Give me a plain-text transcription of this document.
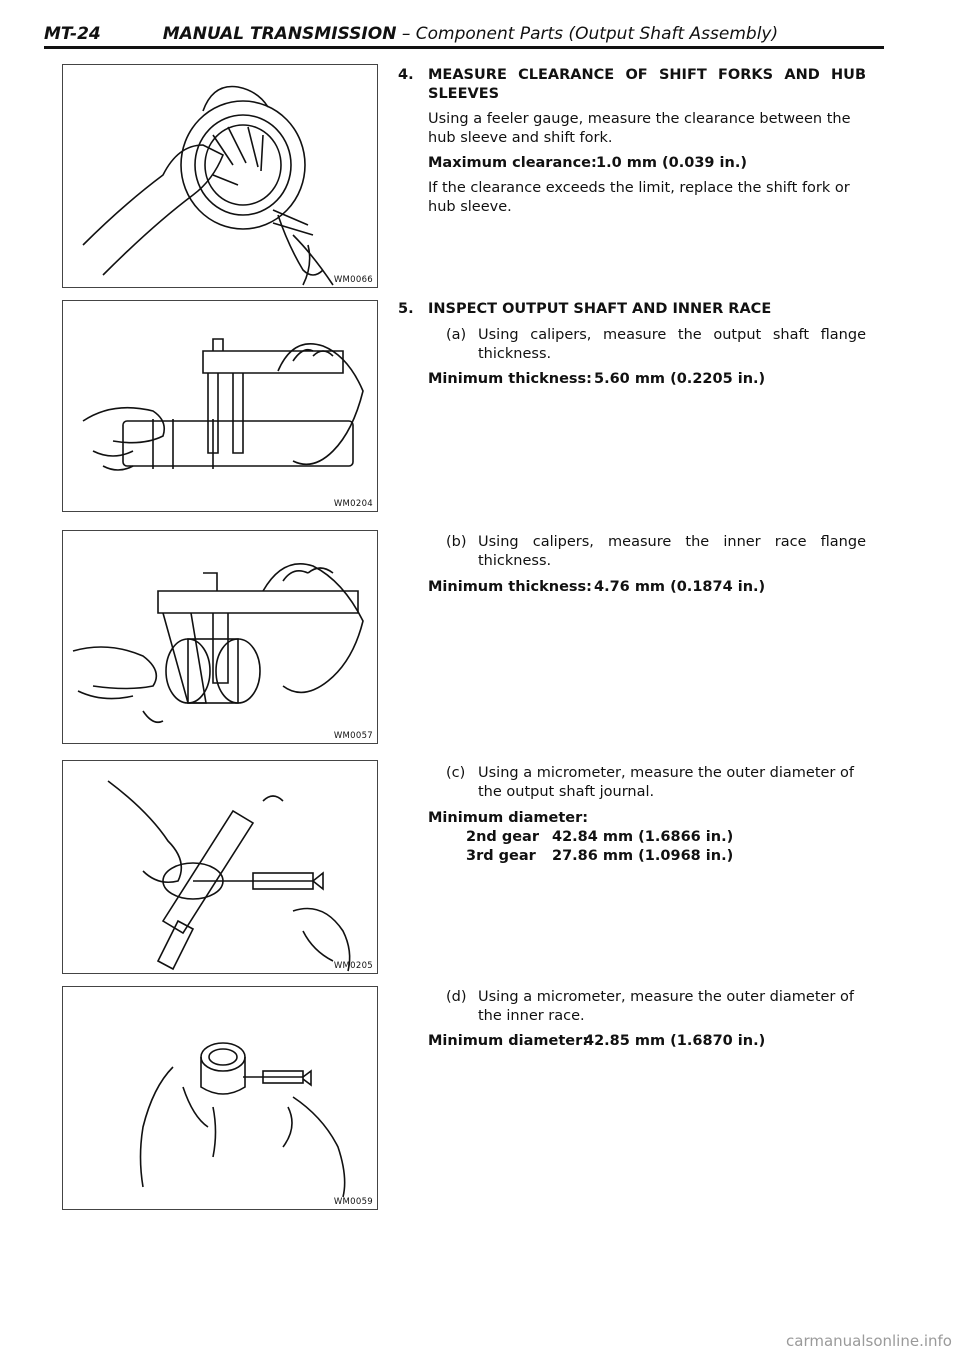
MT-24	MANUAL TRANSMISSION – Component Parts (Output Shaft Assembly)
WM0066
WM0204
WM0057
WM0205
WM0059
4. MEASURE CLEARANCE OF SHIFT FORKS AND HUB
SLEEVES
Using a feeler gauge, measure the clearance between the
hub sleeve and shift fork.
Maximum clearance: 1.0 mm (0.039 in.)
If the clearance exceeds the limit, replace the shift fork or
hub sleeve.
5. INSPECT OUTPUT SHAFT AND INNER RACE
(a) Using calipers, measure the output shaft flange
thickness.
Minimum thickness: 5.60 mm (0.2205 in.)
(b) Using calipers, measure the inner race flange
thickness.
Minimum thickness: 4.76 mm (0.1874 in.)
(c) Using a micrometer, measure the outer diameter of
the output shaft journal.
Minimum diameter:
2nd gear 42.84 mm (1.6866 in.)
3rd gear 27.86 mm (1.0968 in.)
(d) Using a micrometer, measure the outer diameter of
the inner race.
Minimum diameter:
42.85 mm (1.6870 in.)
carmanualsonline.info
